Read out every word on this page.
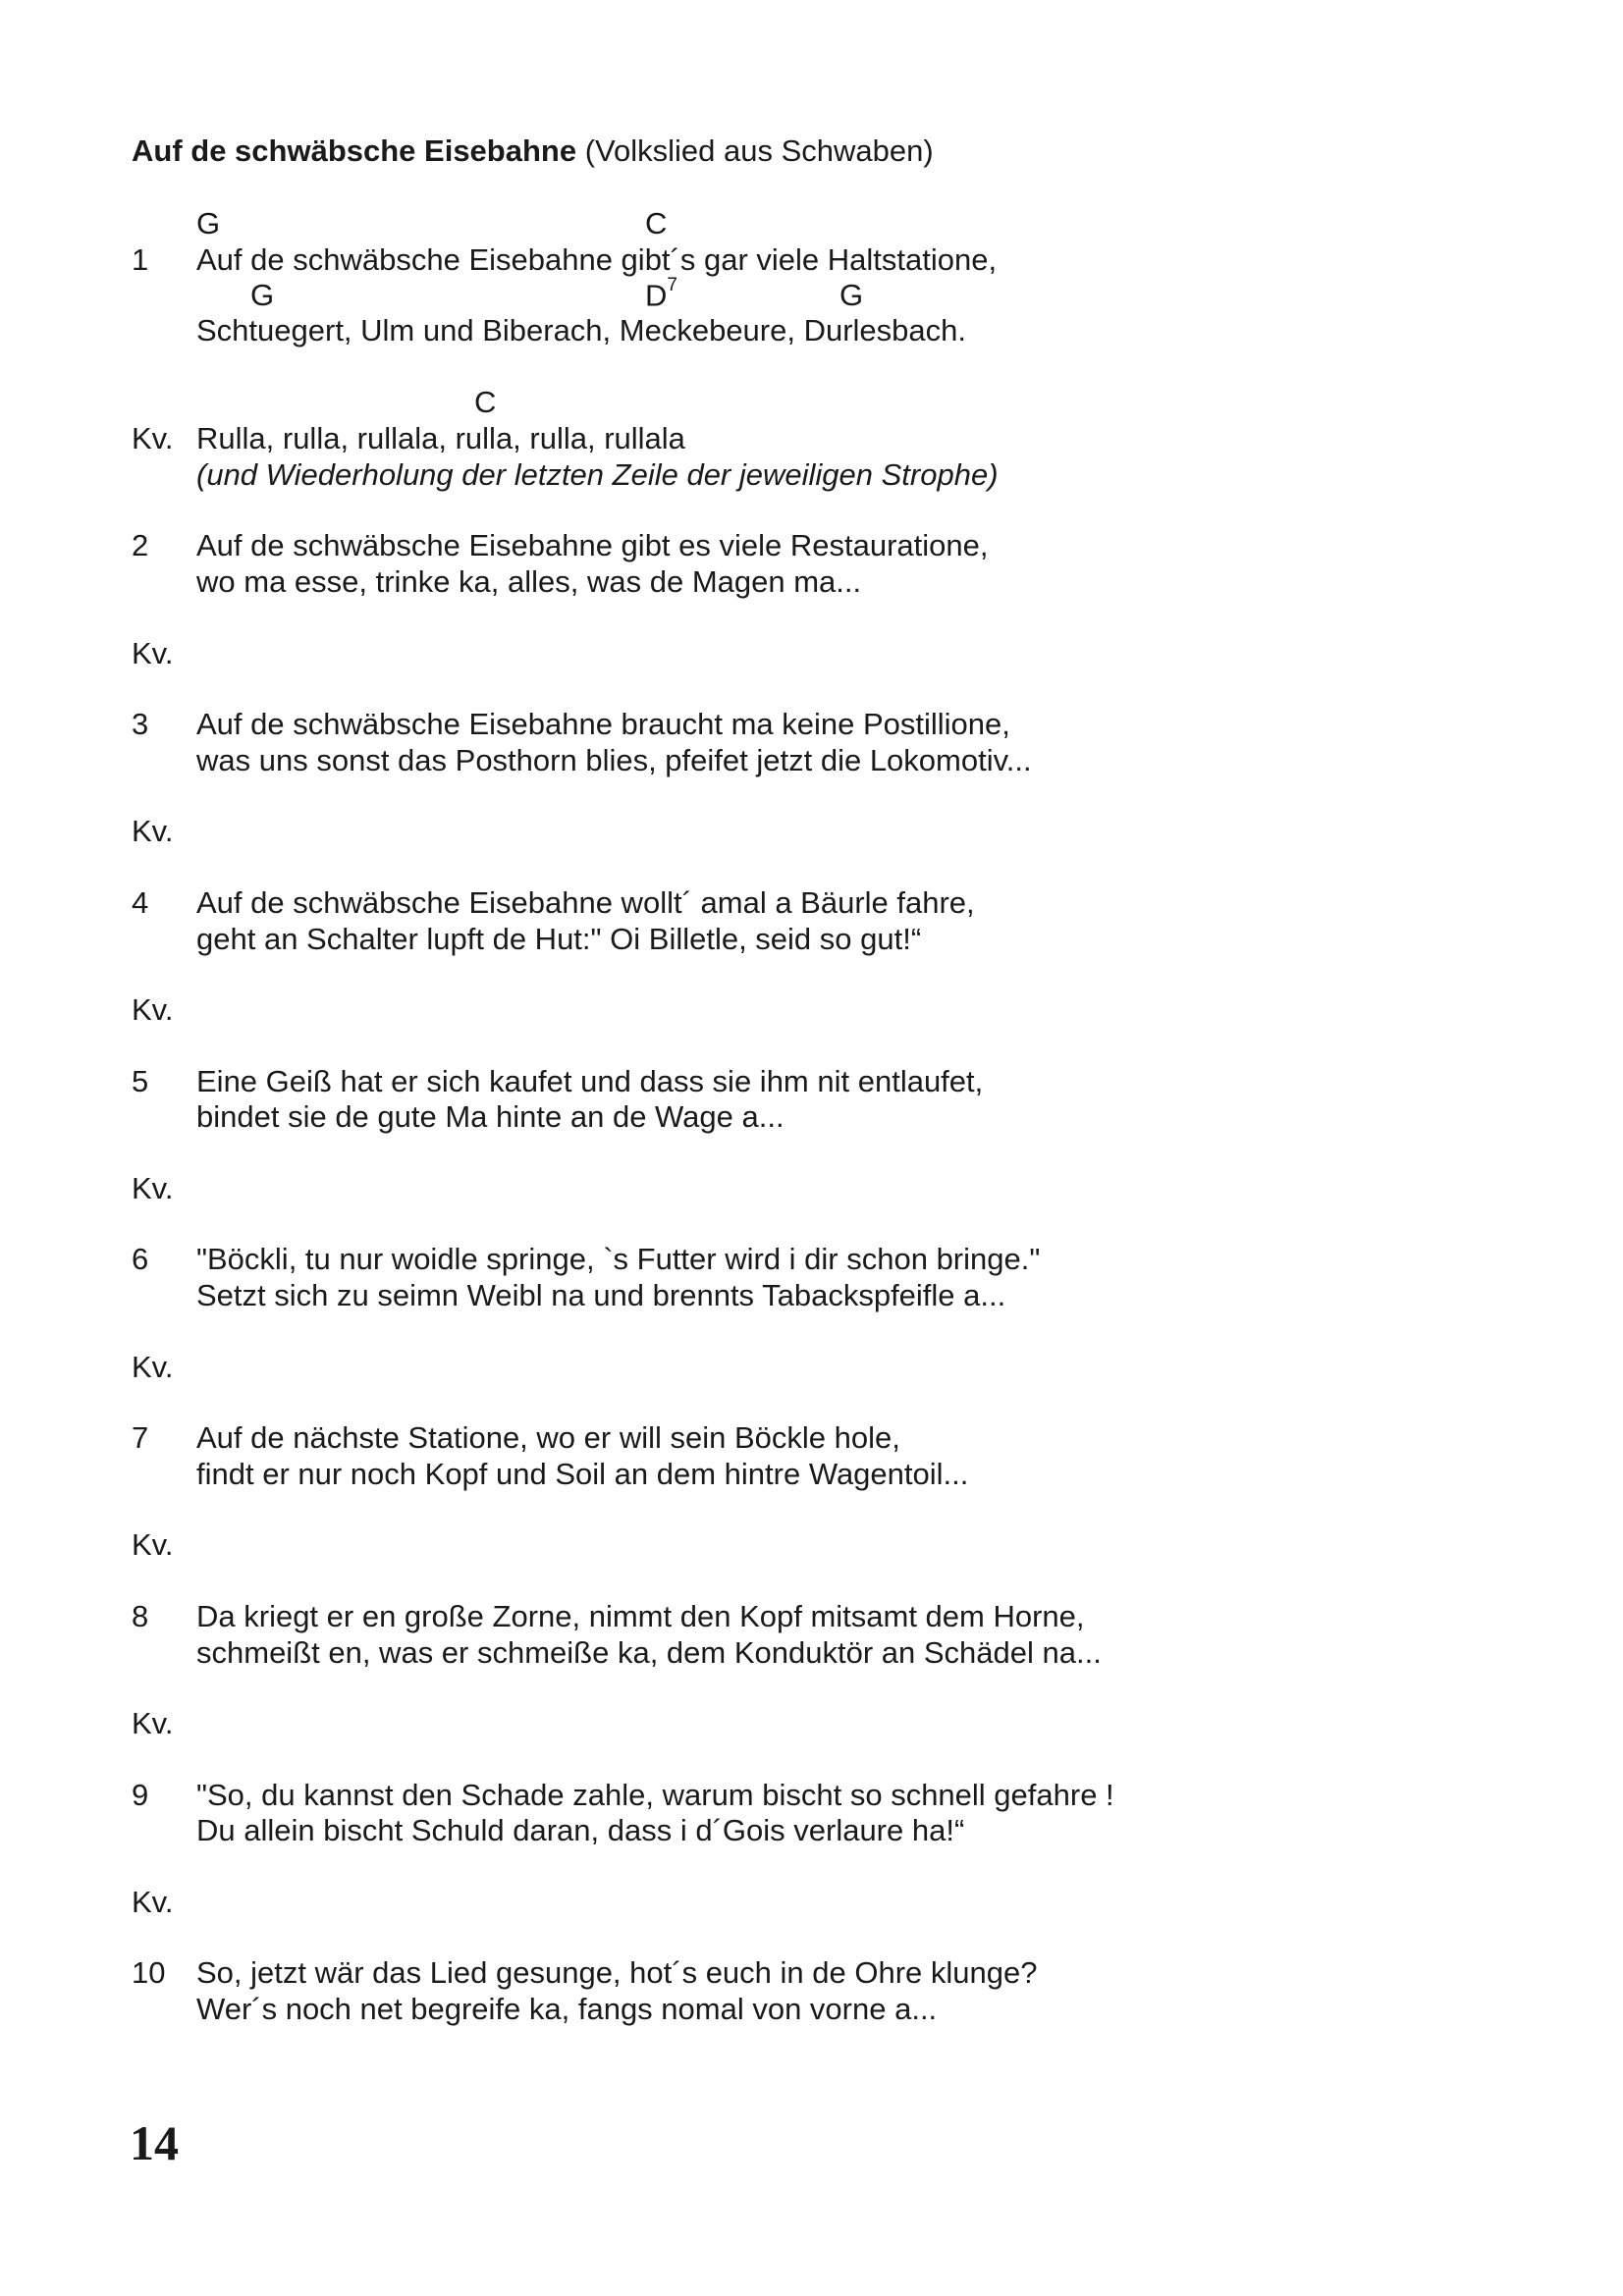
Auf de schwäbsche Eisebahne (Volkslied aus Schwaben)
G	C
1 Auf de schwäbsche Eisebahne gibt´s gar viele Haltstatione,
G	$D^7$	G
Schtuegert, Ulm und Biberach, Meckebeure, Durlesbach.
C
Kv. Rulla, rulla, rullala, rulla, rulla, rullala
(und Wiederholung der letzten Zeile der jeweiligen Strophe)
2 Auf de schwäbsche Eisebahne gibt es viele Restauratione,
wo ma esse, trinke ka, alles, was de Magen ma...
Kv.
3 Auf de schwäbsche Eisebahne braucht ma keine Postillione,
was uns sonst das Posthorn blies, pfeifet jetzt die Lokomotiv...
Kv.
4 Auf de schwäbsche Eisebahne wollt´ amal a Bäurle fahre,
geht an Schalter lupft de Hut:" Oi Billetle, seid so gut!“
Kv.
5 Eine Geiß hat er sich kaufet und dass sie ihm nit entlaufet,
bindet sie de gute Ma hinte an de Wage a...
Kv.
6 "Böckli, tu nur woidle springe, `s Futter wird i dir schon bringe."
Setzt sich zu seimn Weibl na und brennts Tabackspfeifle a...
Kv.
7 Auf de nächste Statione, wo er will sein Böckle hole,
findt er nur noch Kopf und Soil an dem hintre Wagentoil...
Kv.
8 Da kriegt er en große Zorne, nimmt den Kopf mitsamt dem Horne,
schmeißt en, was er schmeiße ka, dem Konduktör an Schädel na...
Kv.
9 "So, du kannst den Schade zahle, warum bischt so schnell gefahre !
Du allein bischt Schuld daran, dass i d´Gois verlaure ha!“
Kv.
10 So, jetzt wär das Lied gesunge, hot´s euch in de Ohre klunge?
Wer´s noch net begreife ka, fangs nomal von vorne a...
14
